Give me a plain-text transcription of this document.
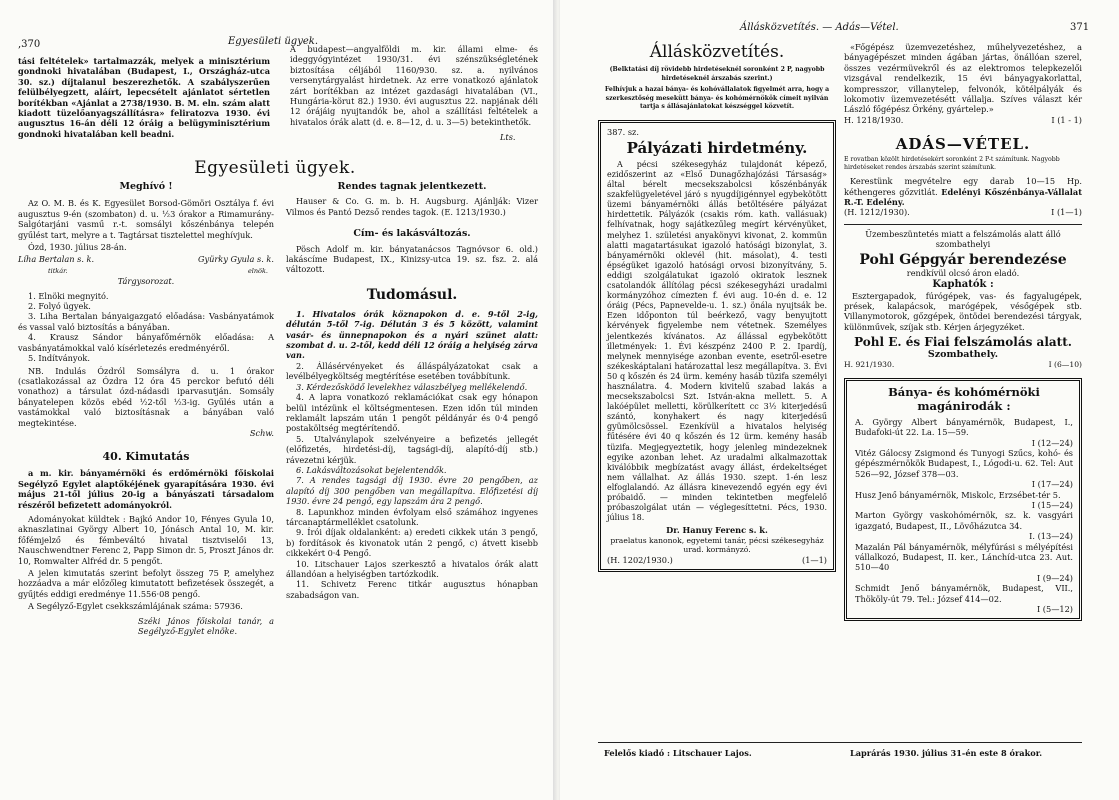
,370	Egyesületi ügyek.
tási feltételek» tartalmazzák, melyek a minisztérium gondnoki hivatalában (Budapest, I., Országház-utca 30. sz.) díjtalanul beszerezhetők. A szabályszerűen felülbélyegzett, aláírt, lepecsételt ajánlatot sértetlen borítékban «Ajánlat a 2738/1930. B. M. eln. szám alatt kiadott tüzelőanyagszállításra» feliratozva 1930. évi augusztus 16-án déli 12 óráig a belügyminisztérium gondnoki hivatalában kell beadni.
A budapest—angyalföldi m. kir. állami elme- és ideggyógyintézet 1930/31. évi szénszükségletének biztosítása céljából 1160/930. sz. a. nyilvános versenytárgyalást hirdetnek. Az erre vonatkozó ajánlatok zárt borítékban az intézet gazdasági hivatalában (VI., Hungária-körut 82.) 1930. évi augusztus 22. napjának déli 12 órájáig nyujtandók be, ahol a szállítási feltételek a hivatalos órák alatt (d. e. 8—12, d. u. 3—5) betekinthetők.
Lts.
Egyesületi ügyek.
Meghívó !
Az O. M. B. és K. Egyesület Borsod-Gömöri Osztálya f. évi augusztus 9-én (szombaton) d. u. ½3 órakor a Rimamurány-Salgótarjáni vasmű r.-t. somsályi kőszénbánya telepén gyűlést tart, melyre a t. Tagtársat tisztelettel meghívjuk.
Ózd, 1930. július 28-án.
Líha Bertalan s. k.
titkár.
Gyürky Gyula s. k.
elnök.
Tárgysorozat.
1. Elnöki megnyitó.
2. Folyó ügyek.
3. Liha Bertalan bányaigazgató előadása: Vasbányatámok és vassal való biztosítás a bányában.
4. Krausz Sándor bányafőmérnök előadása: A vasbányatámokkal való kísérletezés eredményéről.
5. Indítványok.
NB. Indulás Ózdról Somsályra d. u. 1 órakor (csatlakozással az Ózdra 12 óra 45 perckor befutó déli vonathoz) a társulat ózd-nádasdi iparvasutján. Somsály bányatelepen közös ebéd ½2-től ½3-ig. Gyűlés után a vastámokkal való biztosításnak a bányában való megtekintése.
Schw.
40. Kimutatás
a m. kir. bányamérnöki és erdőmérnöki főiskolai Segélyző Egylet alaptőkéjének gyarapítására 1930. évi május 21-től július 20-ig a bányászati társadalom részéről befizetett adományokról.
Adományokat küldtek : Bajkó Andor 10, Fényes Gyula 10, aknaszlatinai György Albert 10, Jónásch Antal 10, M. kir. főfémjelző és fémbeváltó hivatal tisztviselői 13, Nauschwendtner Ferenc 2, Papp Simon dr. 5, Proszt János dr. 10, Romwalter Alfréd dr. 5 pengőt.
A jelen kimutatás szerint befolyt összeg 75 P, amelyhez hozzáadva a már előzőleg kimutatott befizetések összegét, a gyűjtés eddigi eredménye 11.556·08 pengő.
A Segélyző-Egylet csekkszámlájának száma: 57936.
Széki János főiskolai tanár, a Segélyző-Egylet elnöke.
Rendes tagnak jelentkezett.
Hauser & Co. G. m. b. H. Augsburg. Ajánlják: Vizer Vilmos és Pantó Dezső rendes tagok. (E. 1213/1930.)
Cím- és lakásváltozás.
Pösch Adolf m. kir. bányatanácsos Tagnóvsor 6. old.) lakáscíme Budapest, IX., Kinizsy-utca 19. sz. fsz. 2. alá változott.
Tudomásul.
1. Hivatalos órák köznapokon d. e. 9-től 2-ig, délután 5-től 7-ig. Délután 3 és 5 között, valamint vasár- és ünnepnapokon és a nyári szünet alatt: szombat d. u. 2-től, kedd déli 12 óráig a helyiség zárva van.
2. Állásérvényeket és álláspályázatokat csak a levélbélyegköltség megtérítése esetében továbbítunk.
3. Kérdezősködő levelekhez válaszbélyeg mellékelendő.
4. A lapra vonatkozó reklamációkat csak egy hónapon belül intézünk el költségmentesen. Ezen időn túl minden reklamált lapszám után 1 pengőt példányár és 0·4 pengő postaköltség megtérítendő.
5. Utalványlapok szelvényeire a befizetés jellegét (előfizetés, hirdetési-díj, tagsági-díj, alapító-díj stb.) rávezetni kérjük.
6. Lakásváltozásokat bejelentendők.
7. A rendes tagsági díj 1930. évre 20 pengőben, az alapító díj 300 pengőben van megállapítva. Előfizetési díj 1930. évre 24 pengő, egy lapszám ára 2 pengő.
8. Lapunkhoz minden évfolyam első számához ingyenes tárcanaptármelléklet csatolunk.
9. Írói díjak oldalanként: a) eredeti cikkek után 3 pengő, b) fordítások és kivonatok után 2 pengő, c) átvett kisebb cikkekért 0·4 Pengő.
10. Litschauer Lajos szerkesztő a hivatalos órák alatt állandóan a helyiségben tartózkodik.
11. Schivetz Ferenc titkár augusztus hónapban szabadságon van.
Állásközvetítés. — Adás—Vétel.	371
Állásközvetítés.
(Belktatási díj rövidebb hirdetéseknél soronként 2 P, nagyobb hirdetéseknél árszabás szerint.)
Felhívjuk a hazai bánya- és kohóvállalatok figyelmét arra, hogy a szerkesztőség mesekütt bánya- és kohómérnökök címeit nyilván tartja s állásajánlatokat készséggel közvetít.
387. sz.
Pályázati hirdetmény.
A pécsi székesegyház tulajdonát képező, ezidőszerint az «Első Dunagőzhajózási Társaság» által bérelt mecsekszabolcsi kőszénbányák szakfelügyeletével járó s nyugdíjigénnyel egybekötött üzemi bányamérnöki állás betöltésére pályázat hirdettetik. Pályázók (csakis róm. kath. vallásuak) felhívatnak, hogy sajátkezűleg megírt kérvényüket, melyhez 1. születési anyakönyvi kivonat, 2. kommün alatti magatartásukat igazoló hatósági bizonylat, 3. bányamérnöki oklevél (hit. másolat), 4. testi épségüket igazoló hatósági orvosi bizonyítvány, 5. eddigi szolgálatukat igazoló okiratok lesznek csatolandók állítólag pécsi székesegyházi uradalmi kormányzóhoz címezten f. évi aug. 10-én d. e. 12 óráig (Pécs, Papnevelde-u. 1. sz.) önála nyujtsák be. Ezen időponton túl beérkező, vagy benyujtott kérvények figyelembe nem vétetnek. Személyes jelentkezés kívánatos. Az állással egybekötött illetmények: 1. Évi készpénz 2400 P. 2. Ipardíj, melynek mennyisége azonban evente, esetről-esetre székeskáptalani határozattal lesz megállapítva. 3. Évi 50 q kőszén és 24 ürm. kemény hasáb tüzifa személyi használatra. 4. Modern kivitelű szabad lakás a mecsekszabolcsi Szt. István-akna mellett. 5. A lakóépület melletti, körülkerített cc 3½ kiterjedésű szántó, konyhakert és nagy kiterjedésű gyümölcsössel. Ezenkívül a hivatalos helyiség fűtésére évi 40 q kőszén és 12 ürm. kemény hasáb tüzifa. Megjegyeztetik, hogy jelenleg mindezeknek egyike azonban lehet. Az uradalmi alkalmazottak kiválóbbik megbízatást avagy állást, érdekeltséget nem vállalhat. Az állás 1930. szept. 1-én lesz elfoglalandó. Az állásra kinevezendő egyén egy évi próbaidő. — minden tekintetben megfelelő próbaszolgálat után — véglegesíttetni. Pécs, 1930. július 18.
Dr. Hanuy Ferenc s. k.
praelatus kanonok, egyetemi tanár, pécsi székesegyház urad. kormányzó.
(H. 1202/1930.)	(1—1)
«Főgépész üzemvezetéshez, műhelyvezetéshez, a bányagépészet minden ágában jártas, önállóan szerel, összes vezérmüvekről és az elektromos telepkezelői vizsgával rendelkezik, 15 évi bányagyakorlattal, kompresszor, villanytelep, felvonók, kötélpályák és lokomotiv üzemvezetésétt vállalja. Szíves választ kér László főgépész Örkény, gyártelep.»
H. 1218/1930.	I (1 - 1)
ADÁS—VÉTEL.
E rovatban közölt hirdetésekért soronként 2 P-t számítunk. Nagyobb hirdetéseket rendes árszabás szerint számítunk.
Kerestünk megvételre egy darab 10—15 Hp. kéthengeres gőzvitlát. Edelényi Kőszénbánya-Vállalat R.-T. Edelény.
(H. 1212/1930).	I (1—1)
Üzembeszüntetés miatt a felszámolás alatt álló szombathelyi
Pohl Gépgyár berendezése
rendkívül olcsó áron eladó.
Kaphatók :
Esztergapadok, fúrógépek, vas- és fagyalugépek, prések, kalapácsok, marógépek, vésőgépek stb. Villanymotorok, gőzgépek, öntödei berendezési tárgyak, különművek, szíjak stb. Kérjen árjegyzéket.
Pohl E. és Fiai felszámolás alatt.
Szombathely.
H. 921/1930.	I (6—10)
Bánya- és kohómérnöki magánirodák :
A. György Albert bányamérnök, Budapest, I., Budafoki-út 22. La. 15—59.
I (12—24)
Vitéz Gálocsy Zsigmond és Tunyogi Szűcs, kohó- és gépészmérnökök Budapest, I., Lógodi-u. 62. Tel: Aut 526—92, József 378—03.
I (17—24)
Husz Jenő bányamérnök, Miskolc, Erzsébet-tér 5.
I (15—24)
Marton György vaskohómérnök, sz. k. vasgyári igazgató, Budapest, II., Lövőházutca 34.
I. (13—24)
Mazalán Pál bányamérnök, mélyfúrási s mélyépítési vállalkozó, Budapest, II. ker., Lánchíd-utca 23. Aut. 510—40
I (9—24)
Schmidt Jenő bányamérnök, Budapest, VII., Thököly-út 79. Tel.: József 414—02.
I (5—12)
Felelős kiadó : Litschauer Lajos.	Laprárás 1930. július 31-én este 8 órakor.
